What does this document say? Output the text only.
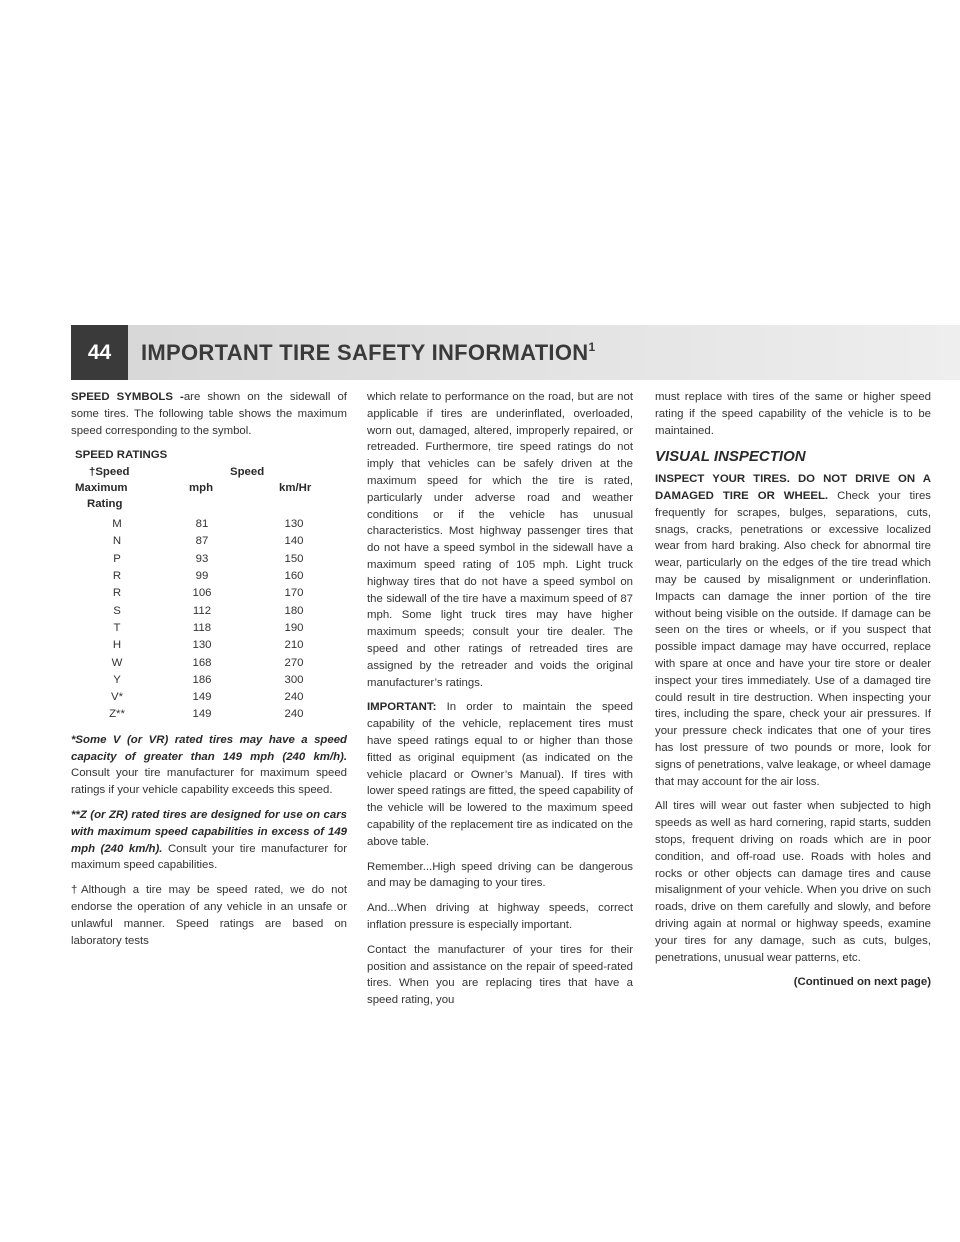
44	IMPORTANT TIRE SAFETY INFORMATION$^1$

SPEED SYMBOLS -are shown on the sidewall of some tires. The following table shows the maximum speed corresponding to the symbol.

SPEED RATINGS
†Speed	Speed
Maximum	mph	km/Hr
Rating
M	81	130
N	87	140
P	93	150
R	99	160
R	106	170
S	112	180
T	118	190
H	130	210
W	168	270
Y	186	300
V*	149	240
Z**	149	240

*Some V (or VR) rated tires may have a speed capacity of greater than 149 mph (240 km/h). Consult your tire manufacturer for maximum speed ratings if your vehicle capability exceeds this speed.

**Z (or ZR) rated tires are designed for use on cars with maximum speed capabilities in excess of 149 mph (240 km/h). Consult your tire manufacturer for maximum speed capabilities.

†Although a tire may be speed rated, we do not endorse the operation of any vehicle in an unsafe or unlawful manner. Speed ratings are based on laboratory tests

which relate to performance on the road, but are not applicable if tires are underinflated, overloaded, worn out, damaged, altered, improperly repaired, or retreaded. Furthermore, tire speed ratings do not imply that vehicles can be safely driven at the maximum speed for which the tire is rated, particularly under adverse road and weather conditions or if the vehicle has unusual characteristics. Most highway passenger tires that do not have a speed symbol in the sidewall have a maximum speed rating of 105 mph. Light truck highway tires that do not have a speed symbol on the sidewall of the tire have a maximum speed of 87 mph. Some light truck tires may have higher maximum speeds; consult your tire dealer. The speed and other ratings of retreaded tires are assigned by the retreader and voids the original manufacturer’s ratings.

IMPORTANT: In order to maintain the speed capability of the vehicle, replacement tires must have speed ratings equal to or higher than those fitted as original equipment (as indicated on the vehicle placard or Owner’s Manual). If tires with lower speed ratings are fitted, the speed capability of the vehicle will be lowered to the maximum speed capability of the replacement tire as indicated on the above table.

Remember...High speed driving can be dangerous and may be damaging to your tires.

And...When driving at highway speeds, correct inflation pressure is especially important.

Contact the manufacturer of your tires for their position and assistance on the repair of speed-rated tires. When you are replacing tires that have a speed rating, you

must replace with tires of the same or higher speed rating if the speed capability of the vehicle is to be maintained.

VISUAL INSPECTION

INSPECT YOUR TIRES. DO NOT DRIVE ON A DAMAGED TIRE OR WHEEL. Check your tires frequently for scrapes, bulges, separations, cuts, snags, cracks, penetrations or excessive localized wear from hard braking. Also check for abnormal tire wear, particularly on the edges of the tire tread which may be caused by misalignment or underinflation. Impacts can damage the inner portion of the tire without being visible on the outside. If damage can be seen on the tires or wheels, or if you suspect that possible impact damage may have occurred, replace with spare at once and have your tire store or dealer inspect your tires immediately. Use of a damaged tire could result in tire destruction. When inspecting your tires, including the spare, check your air pressures. If your pressure check indicates that one of your tires has lost pressure of two pounds or more, look for signs of penetrations, valve leakage, or wheel damage that may account for the air loss.

All tires will wear out faster when subjected to high speeds as well as hard cornering, rapid starts, sudden stops, frequent driving on roads which are in poor condition, and off-road use. Roads with holes and rocks or other objects can damage tires and cause misalignment of your vehicle. When you drive on such roads, drive on them carefully and slowly, and before driving again at normal or highway speeds, examine your tires for any damage, such as cuts, bulges, penetrations, unusual wear patterns, etc.

(Continued on next page)
